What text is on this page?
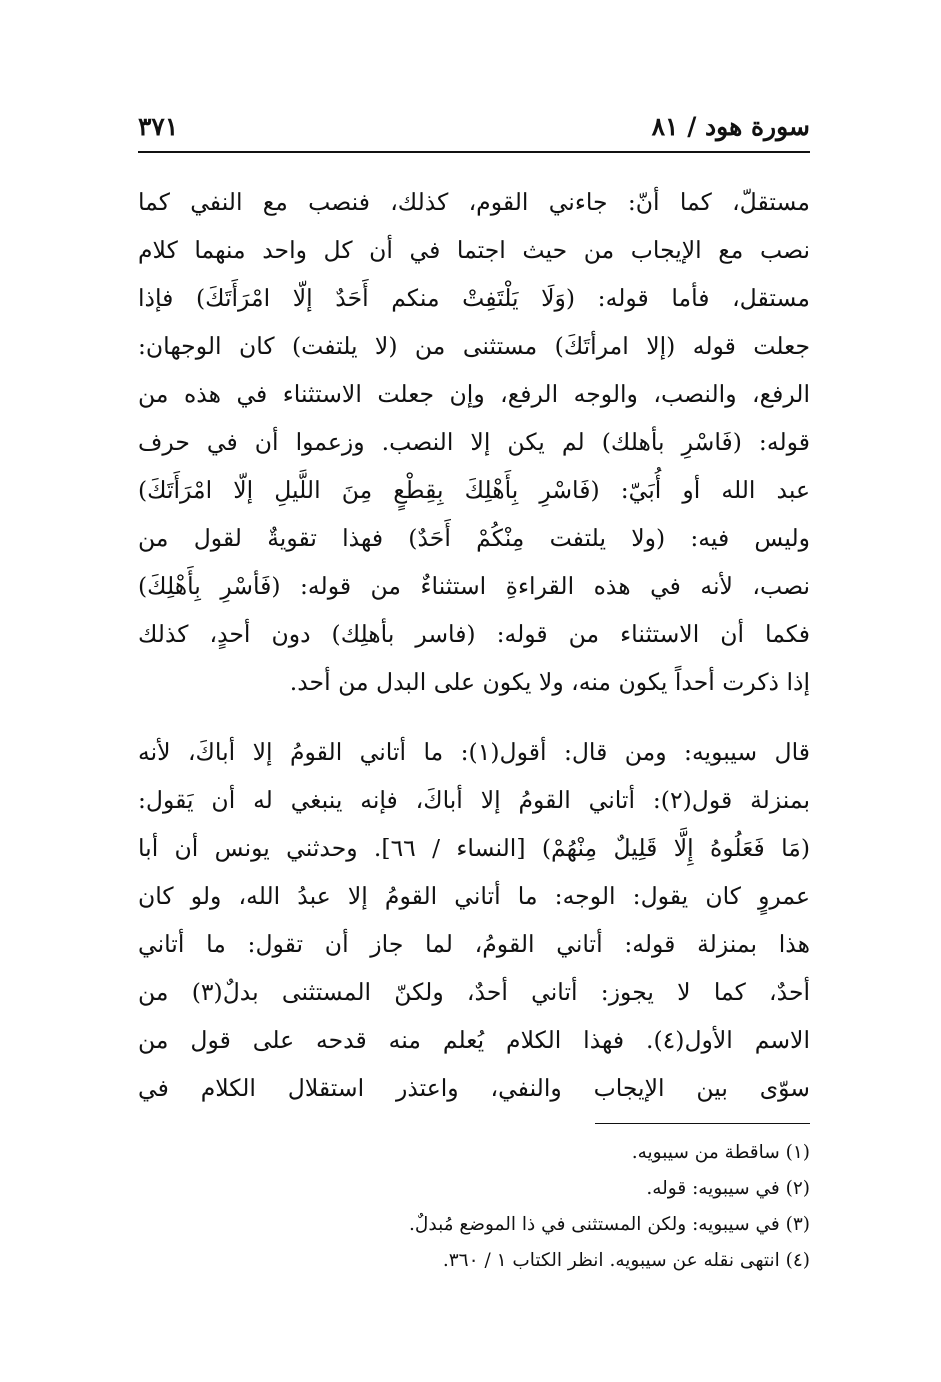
سورة هود / ٨١
٣٧١
مستقلّ، كما أنّ: جاءني القوم، كذلك، فنصب مع النفي كما
نصب مع الإيجاب من حيث اجتما في أن كل واحد منهما كلام
مستقل، فأما قوله: (وَلَا يَلْتَفِتْ منكم أَحَدٌ إلّا امْرَأَتَكَ) فإذا
جعلت قوله (إلا امرأتَكَ) مستثنى من (لا يلتفت) كان الوجهان:
الرفع، والنصب، والوجه الرفع، وإن جعلت الاستثناء في هذه من
قوله: (فَاسْرِ بأهلك) لم يكن إلا النصب. وزعموا أن في حرف
عبد الله أو أُبَيّ: (فَاسْرِ بِأَهْلِكَ بِقِطْعٍ مِنَ اللَّيلِ إلّا امْرَأَتَكَ)
وليس فيه: (ولا يلتفت مِنْكُمْ أَحَدٌ) فهذا تقويةٌ لقول من
نصب، لأنه في هذه القراءةِ استثناءٌ من قوله: (فَأسْرِ بِأَهْلِكَ)
فكما أن الاستثناء من قوله: (فاسر بأهلِك) دون أحدٍ، كذلك
إذا ذكرت أحداً يكون منه، ولا يكون على البدل من أحد.
قال سيبويه: ومن قال: أقول(١): ما أتاني القومُ إلا أباكَ، لأنه
بمنزلة قول(٢): أتاني القومُ إلا أباكَ، فإنه ينبغي له أن يَقول:
(مَا فَعَلُوهُ إِلَّا قَلِيلٌ مِنْهُمْ) [النساء / ٦٦]. وحدثني يونس أن أبا
عمروٍ كان يقول: الوجه: ما أتاني القومُ إلا عبدُ الله، ولو كان
هذا بمنزلة قوله: أتاني القومُ، لما جاز أن تقول: ما أتاني
أحدٌ، كما لا يجوز: أتاني أحدٌ، ولكنّ المستثنى بدلٌ(٣) من
الاسم الأول(٤). فهذا الكلام يُعلم منه قدحه على قول من
سوّى بين الإيجاب والنفي، واعتذر استقلال الكلام في
(١) ساقطة من سيبويه.
(٢) في سيبويه: قوله.
(٣) في سيبويه: ولكن المستثنى في ذا الموضع مُبدلٌ.
(٤) انتهى نقله عن سيبويه. انظر الكتاب ١ / ٣٦٠.
